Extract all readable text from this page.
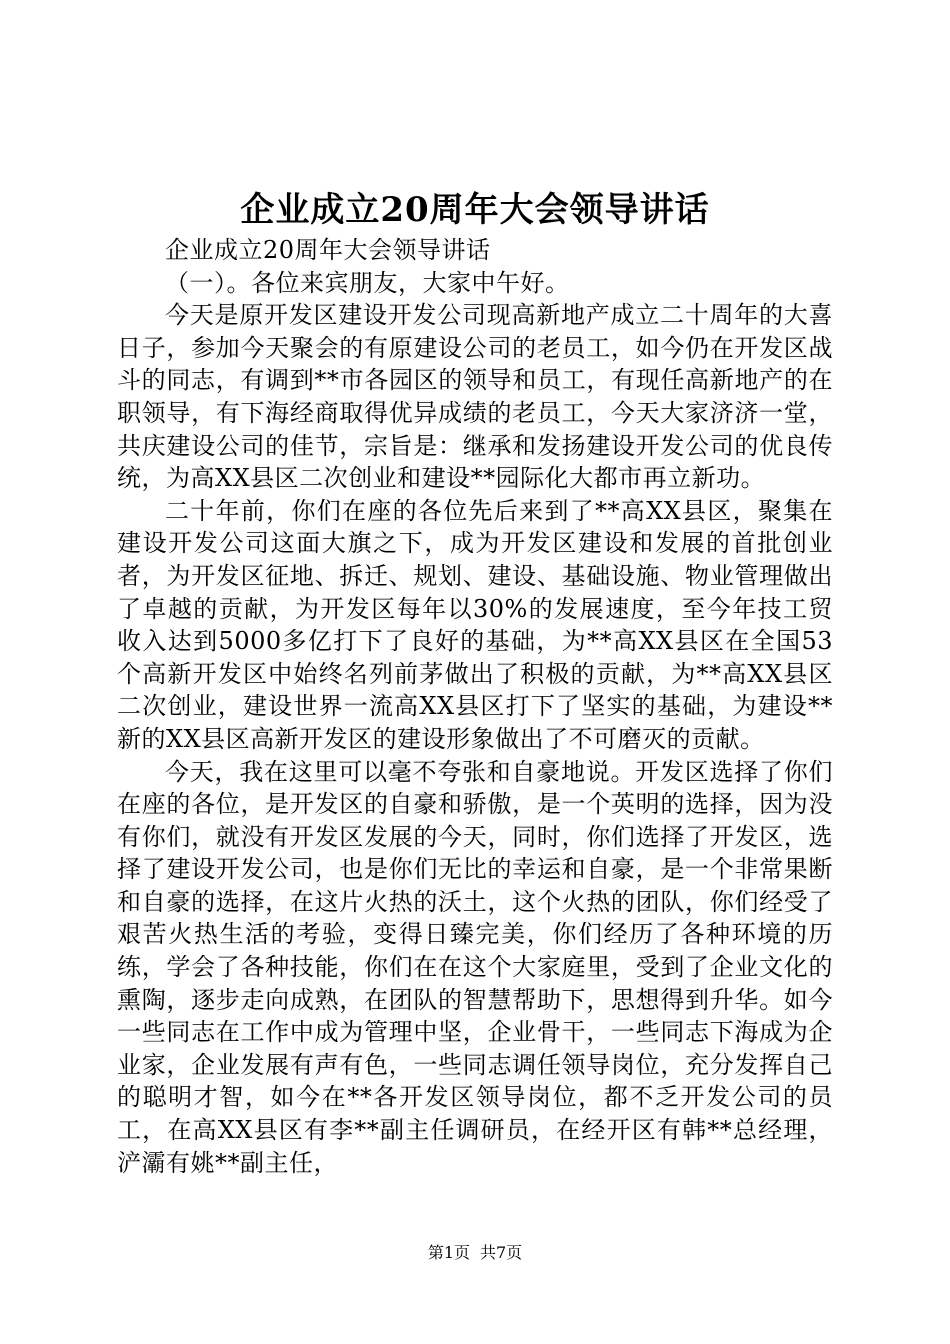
企业成立20周年大会领导讲话

企业成立20周年大会领导讲话

（一）。各位来宾朋友，大家中午好。

今天是原开发区建设开发公司现高新地产成立二十周年的大喜日子，参加今天聚会的有原建设公司的老员工，如今仍在开发区战斗的同志，有调到**市各园区的领导和员工，有现任高新地产的在职领导，有下海经商取得优异成绩的老员工，今天大家济济一堂，共庆建设公司的佳节，宗旨是：继承和发扬建设开发公司的优良传统，为高XX县区二次创业和建设**园际化大都市再立新功。

二十年前，你们在座的各位先后来到了**高XX县区，聚集在建设开发公司这面大旗之下，成为开发区建设和发展的首批创业者，为开发区征地、拆迁、规划、建设、基础设施、物业管理做出了卓越的贡献，为开发区每年以30%的发展速度，至今年技工贸收入达到5000多亿打下了良好的基础，为**高XX县区在全国53个高新开发区中始终名列前茅做出了积极的贡献，为**高XX县区二次创业，建设世界一流高XX县区打下了坚实的基础，为建设**新的XX县区高新开发区的建设形象做出了不可磨灭的贡献。

今天，我在这里可以毫不夸张和自豪地说。开发区选择了你们在座的各位，是开发区的自豪和骄傲，是一个英明的选择，因为没有你们，就没有开发区发展的今天，同时，你们选择了开发区，选择了建设开发公司，也是你们无比的幸运和自豪，是一个非常果断和自豪的选择，在这片火热的沃土，这个火热的团队，你们经受了艰苦火热生活的考验，变得日臻完美，你们经历了各种环境的历练，学会了各种技能，你们在在这个大家庭里，受到了企业文化的熏陶，逐步走向成熟，在团队的智慧帮助下，思想得到升华。如今一些同志在工作中成为管理中坚，企业骨干，一些同志下海成为企业家，企业发展有声有色，一些同志调任领导岗位，充分发挥自己的聪明才智，如今在**各开发区领导岗位，都不乏开发公司的员工，在高XX县区有李**副主任调研员，在经开区有韩**总经理，浐灞有姚**副主任，

第1页 共7页
